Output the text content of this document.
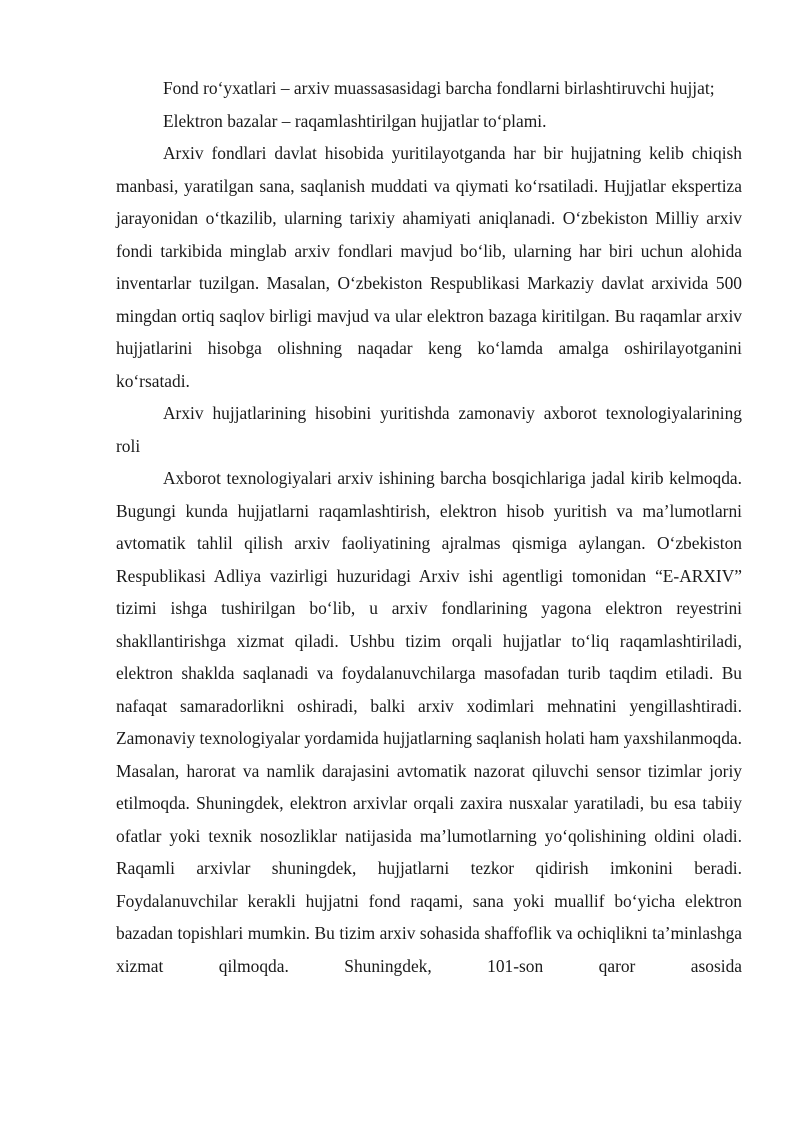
Fond ro‘yxatlari – arxiv muassasasidagi barcha fondlarni birlashtiruvchi hujjat;

Elektron bazalar – raqamlashtirilgan hujjatlar to‘plami.

Arxiv fondlari davlat hisobida yuritilayotganda har bir hujjatning kelib chiqish manbasi, yaratilgan sana, saqlanish muddati va qiymati ko‘rsatiladi. Hujjatlar ekspertiza jarayonidan o‘tkazilib, ularning tarixiy ahamiyati aniqlanadi. O‘zbekiston Milliy arxiv fondi tarkibida minglab arxiv fondlari mavjud bo‘lib, ularning har biri uchun alohida inventarlar tuzilgan. Masalan, O‘zbekiston Respublikasi Markaziy davlat arxivida 500 mingdan ortiq saqlov birligi mavjud va ular elektron bazaga kiritilgan. Bu raqamlar arxiv hujjatlarini hisobga olishning naqadar keng ko‘lamda amalga oshirilayotganini ko‘rsatadi.

Arxiv hujjatlarining hisobini yuritishda zamonaviy axborot texnologiyalarining roli

Axborot texnologiyalari arxiv ishining barcha bosqichlariga jadal kirib kelmoqda. Bugungi kunda hujjatlarni raqamlashtirish, elektron hisob yuritish va ma’lumotlarni avtomatik tahlil qilish arxiv faoliyatining ajralmas qismiga aylangan. O‘zbekiston Respublikasi Adliya vazirligi huzuridagi Arxiv ishi agentligi tomonidan “E-ARXIV” tizimi ishga tushirilgan bo‘lib, u arxiv fondlarining yagona elektron reyestrini shakllantirishga xizmat qiladi. Ushbu tizim orqali hujjatlar to‘liq raqamlashtiriladi, elektron shaklda saqlanadi va foydalanuvchilarga masofadan turib taqdim etiladi. Bu nafaqat samaradorlikni oshiradi, balki arxiv xodimlari mehnatini yengillashtiradi. Zamonaviy texnologiyalar yordamida hujjatlarning saqlanish holati ham yaxshilanmoqda. Masalan, harorat va namlik darajasini avtomatik nazorat qiluvchi sensor tizimlar joriy etilmoqda. Shuningdek, elektron arxivlar orqali zaxira nusxalar yaratiladi, bu esa tabiiy ofatlar yoki texnik nosozliklar natijasida ma’lumotlarning yo‘qolishining oldini oladi. Raqamli arxivlar shuningdek, hujjatlarni tezkor qidirish imkonini beradi. Foydalanuvchilar kerakli hujjatni fond raqami, sana yoki muallif bo‘yicha elektron bazadan topishlari mumkin. Bu tizim arxiv sohasida shaffoflik va ochiqlikni ta’minlashga xizmat qilmoqda. Shuningdek, 101-son qaror asosida
